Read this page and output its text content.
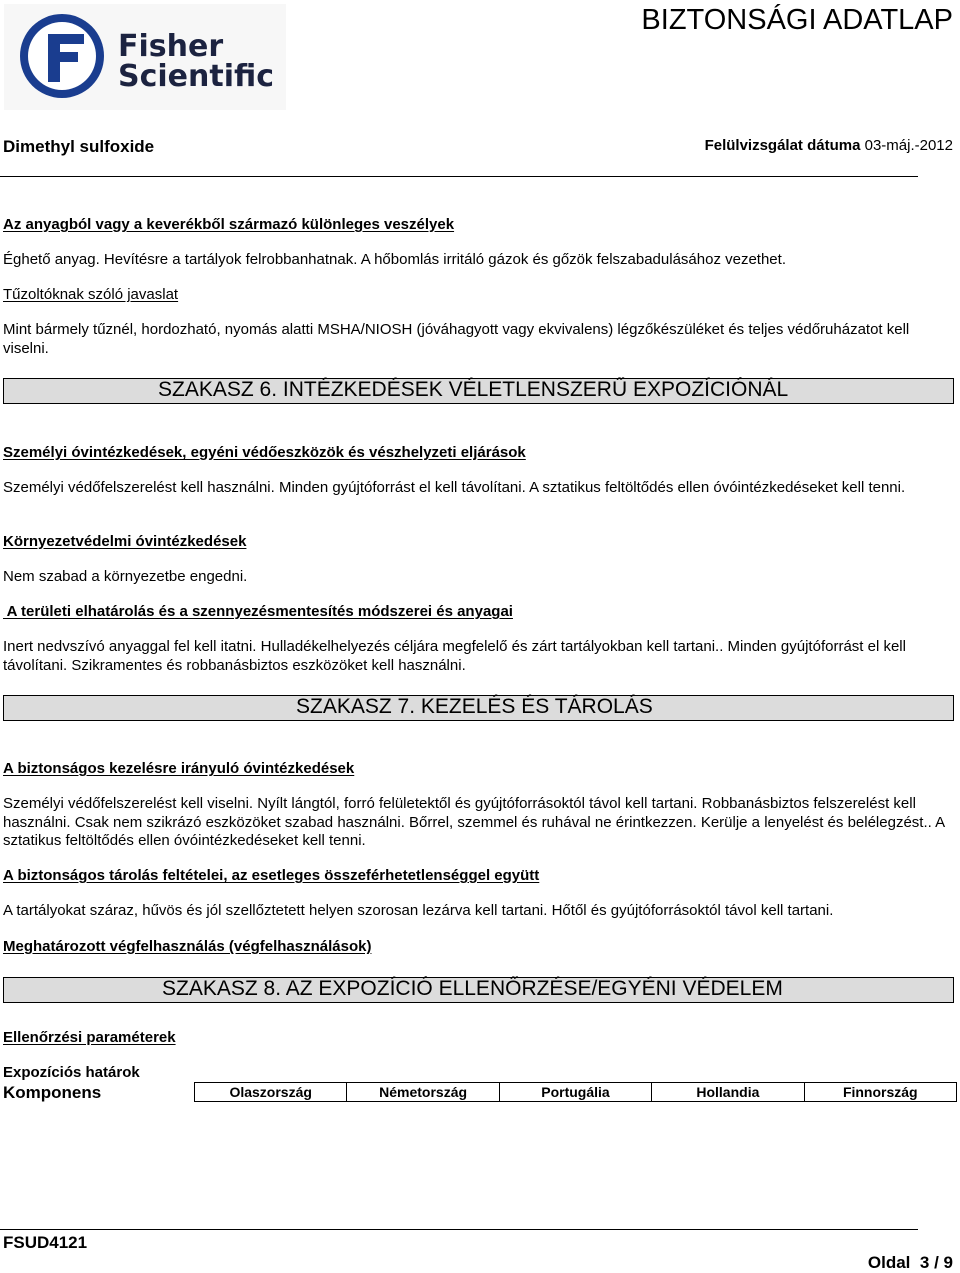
Fisher
Scientific
BIZTONSÁGI ADATLAP
Dimethyl sulfoxide	Felülvizsgálat dátuma 03-máj.-2012
Az anyagból vagy a keverékből származó különleges veszélyek
Éghető anyag. Hevítésre a tartályok felrobbanhatnak. A hőbomlás irritáló gázok és gőzök felszabadulásához vezethet.
Tűzoltóknak szóló javaslat
Mint bármely tűznél, hordozható, nyomás alatti MSHA/NIOSH (jóváhagyott vagy ekvivalens) légzőkészüléket és teljes védőruházatot kell viselni.
SZAKASZ 6. INTÉZKEDÉSEK VÉLETLENSZERŰ EXPOZÍCIÓNÁL
Személyi óvintézkedések, egyéni védőeszközök és vészhelyzeti eljárások
Személyi védőfelszerelést kell használni. Minden gyújtóforrást el kell távolítani. A sztatikus feltöltődés ellen óvóintézkedéseket kell tenni.
Környezetvédelmi óvintézkedések
Nem szabad a környezetbe engedni.
A területi elhatárolás és a szennyezésmentesítés módszerei és anyagai
Inert nedvszívó anyaggal fel kell itatni. Hulladékelhelyezés céljára megfelelő és zárt tartályokban kell tartani.. Minden gyújtóforrást el kell távolítani. Szikramentes és robbanásbiztos eszközöket kell használni.
SZAKASZ 7. KEZELÉS ÉS TÁROLÁS
A biztonságos kezelésre irányuló óvintézkedések
Személyi védőfelszerelést kell viselni. Nyílt lángtól, forró felületektől és gyújtóforrásoktól távol kell tartani. Robbanásbiztos felszerelést kell használni. Csak nem szikrázó eszközöket szabad használni. Bőrrel, szemmel és ruhával ne érintkezzen. Kerülje a lenyelést és belélegzést.. A sztatikus feltöltődés ellen óvóintézkedéseket kell tenni.
A biztonságos tárolás feltételei, az esetleges összeférhetetlenséggel együtt
A tartályokat száraz, hűvös és jól szellőztetett helyen szorosan lezárva kell tartani. Hőtől és gyújtóforrásoktól távol kell tartani.
Meghatározott végfelhasználás (végfelhasználások)
SZAKASZ 8. AZ EXPOZÍCIÓ ELLENŐRZÉSE/EGYÉNI VÉDELEM
Ellenőrzési paraméterek
Expozíciós határok
Komponens	Olaszország	Németország	Portugália	Hollandia	Finnország
FSUD4121
Oldal 3 / 9
